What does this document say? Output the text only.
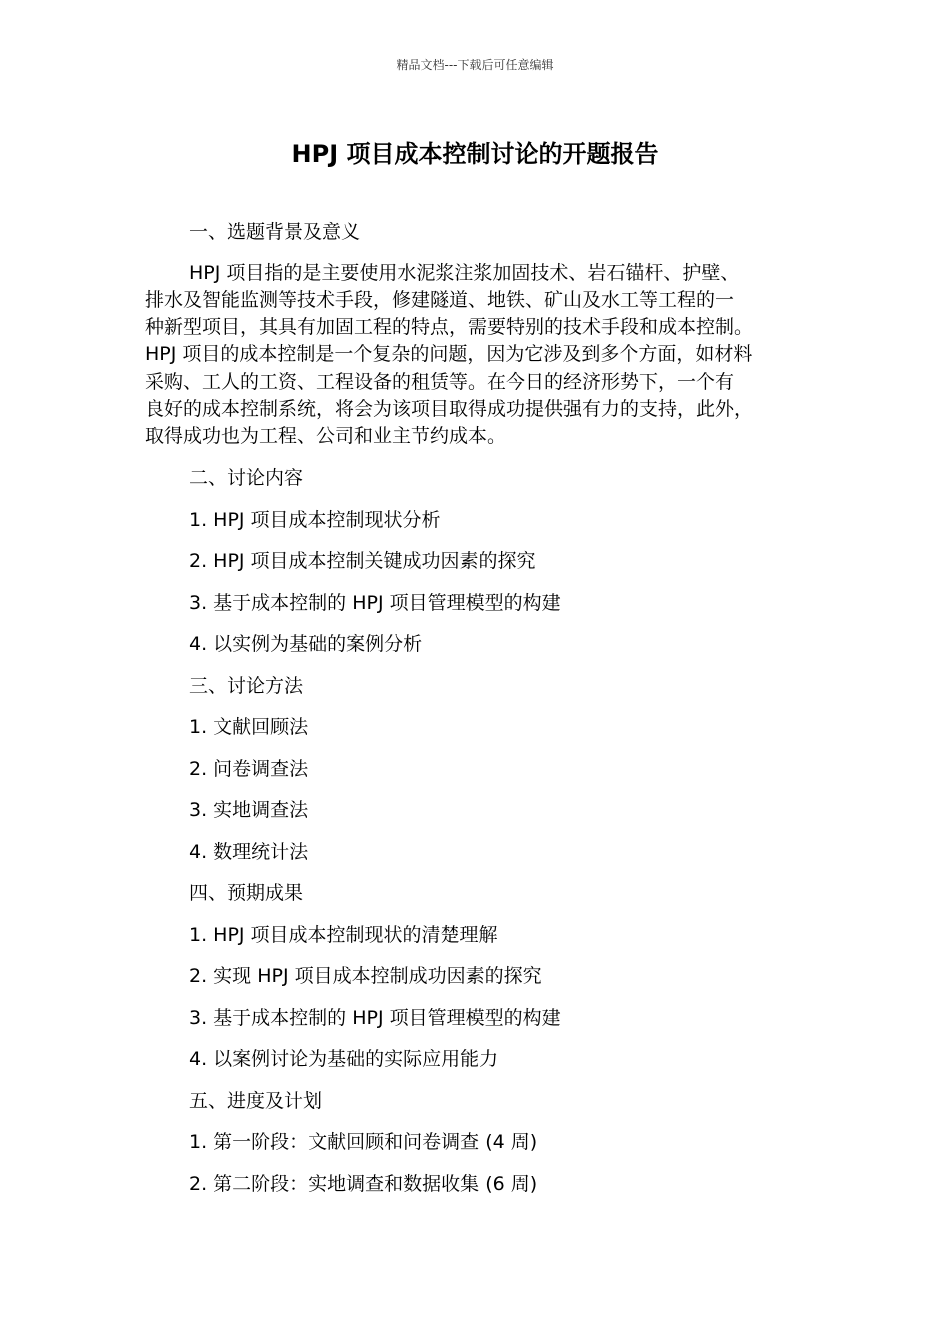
精品文档---下载后可任意编辑
HPJ 项目成本控制讨论的开题报告
一、选题背景及意义
HPJ 项目指的是主要使用水泥浆注浆加固技术、岩石锚杆、护壁、
排水及智能监测等技术手段，修建隧道、地铁、矿山及水工等工程的一
种新型项目，其具有加固工程的特点，需要特别的技术手段和成本控制。
HPJ 项目的成本控制是一个复杂的问题，因为它涉及到多个方面，如材料
采购、工人的工资、工程设备的租赁等。在今日的经济形势下，一个有
良好的成本控制系统，将会为该项目取得成功提供强有力的支持，此外，
取得成功也为工程、公司和业主节约成本。
二、讨论内容
1. HPJ 项目成本控制现状分析
2. HPJ 项目成本控制关键成功因素的探究
3. 基于成本控制的 HPJ 项目管理模型的构建
4. 以实例为基础的案例分析
三、讨论方法
1. 文献回顾法
2. 问卷调查法
3. 实地调查法
4. 数理统计法
四、预期成果
1. HPJ 项目成本控制现状的清楚理解
2. 实现 HPJ 项目成本控制成功因素的探究
3. 基于成本控制的 HPJ 项目管理模型的构建
4. 以案例讨论为基础的实际应用能力
五、进度及计划
1. 第一阶段：文献回顾和问卷调查 (4 周)
2. 第二阶段：实地调查和数据收集 (6 周)
